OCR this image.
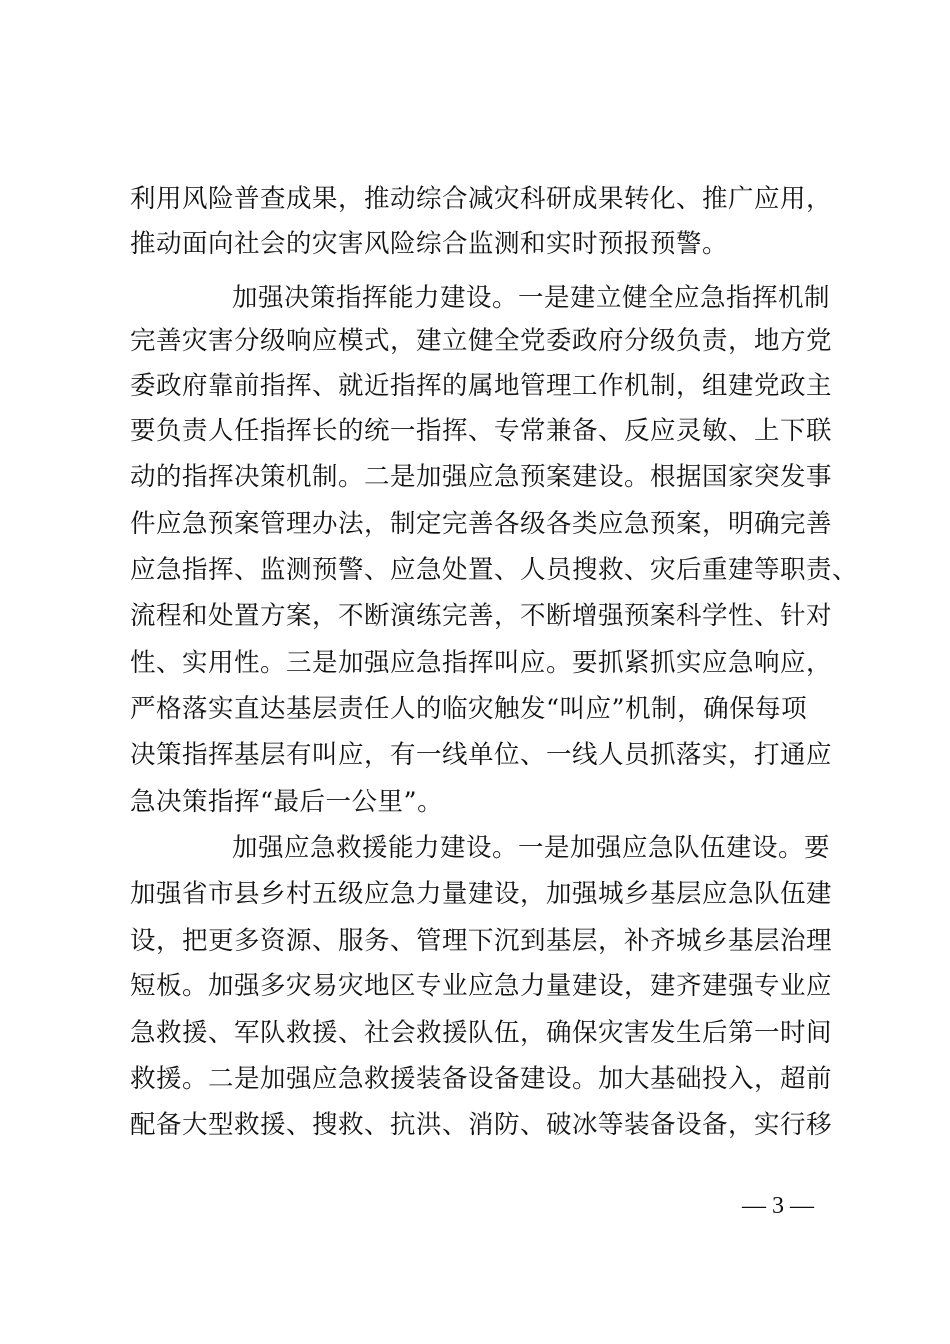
利用风险普查成果，推动综合减灾科研成果转化、推广应用，
推动面向社会的灾害风险综合监测和实时预报预警。
加强决策指挥能力建设。一是建立健全应急指挥机制
完善灾害分级响应模式，建立健全党委政府分级负责，地方党
委政府靠前指挥、就近指挥的属地管理工作机制，组建党政主
要负责人任指挥长的统一指挥、专常兼备、反应灵敏、上下联
动的指挥决策机制。二是加强应急预案建设。根据国家突发事
件应急预案管理办法，制定完善各级各类应急预案，明确完善
应急指挥、监测预警、应急处置、人员搜救、灾后重建等职责、
流程和处置方案，不断演练完善，不断增强预案科学性、针对
性、实用性。三是加强应急指挥叫应。要抓紧抓实应急响应，
严格落实直达基层责任人的临灾触发“叫应”机制，确保每项
决策指挥基层有叫应，有一线单位、一线人员抓落实，打通应
急决策指挥“最后一公里”。
加强应急救援能力建设。一是加强应急队伍建设。要
加强省市县乡村五级应急力量建设，加强城乡基层应急队伍建
设，把更多资源、服务、管理下沉到基层，补齐城乡基层治理
短板。加强多灾易灾地区专业应急力量建设，建齐建强专业应
急救援、军队救援、社会救援队伍，确保灾害发生后第一时间
救援。二是加强应急救援装备设备建设。加大基础投入，超前
配备大型救援、搜救、抗洪、消防、破冰等装备设备，实行移
— 3 —
